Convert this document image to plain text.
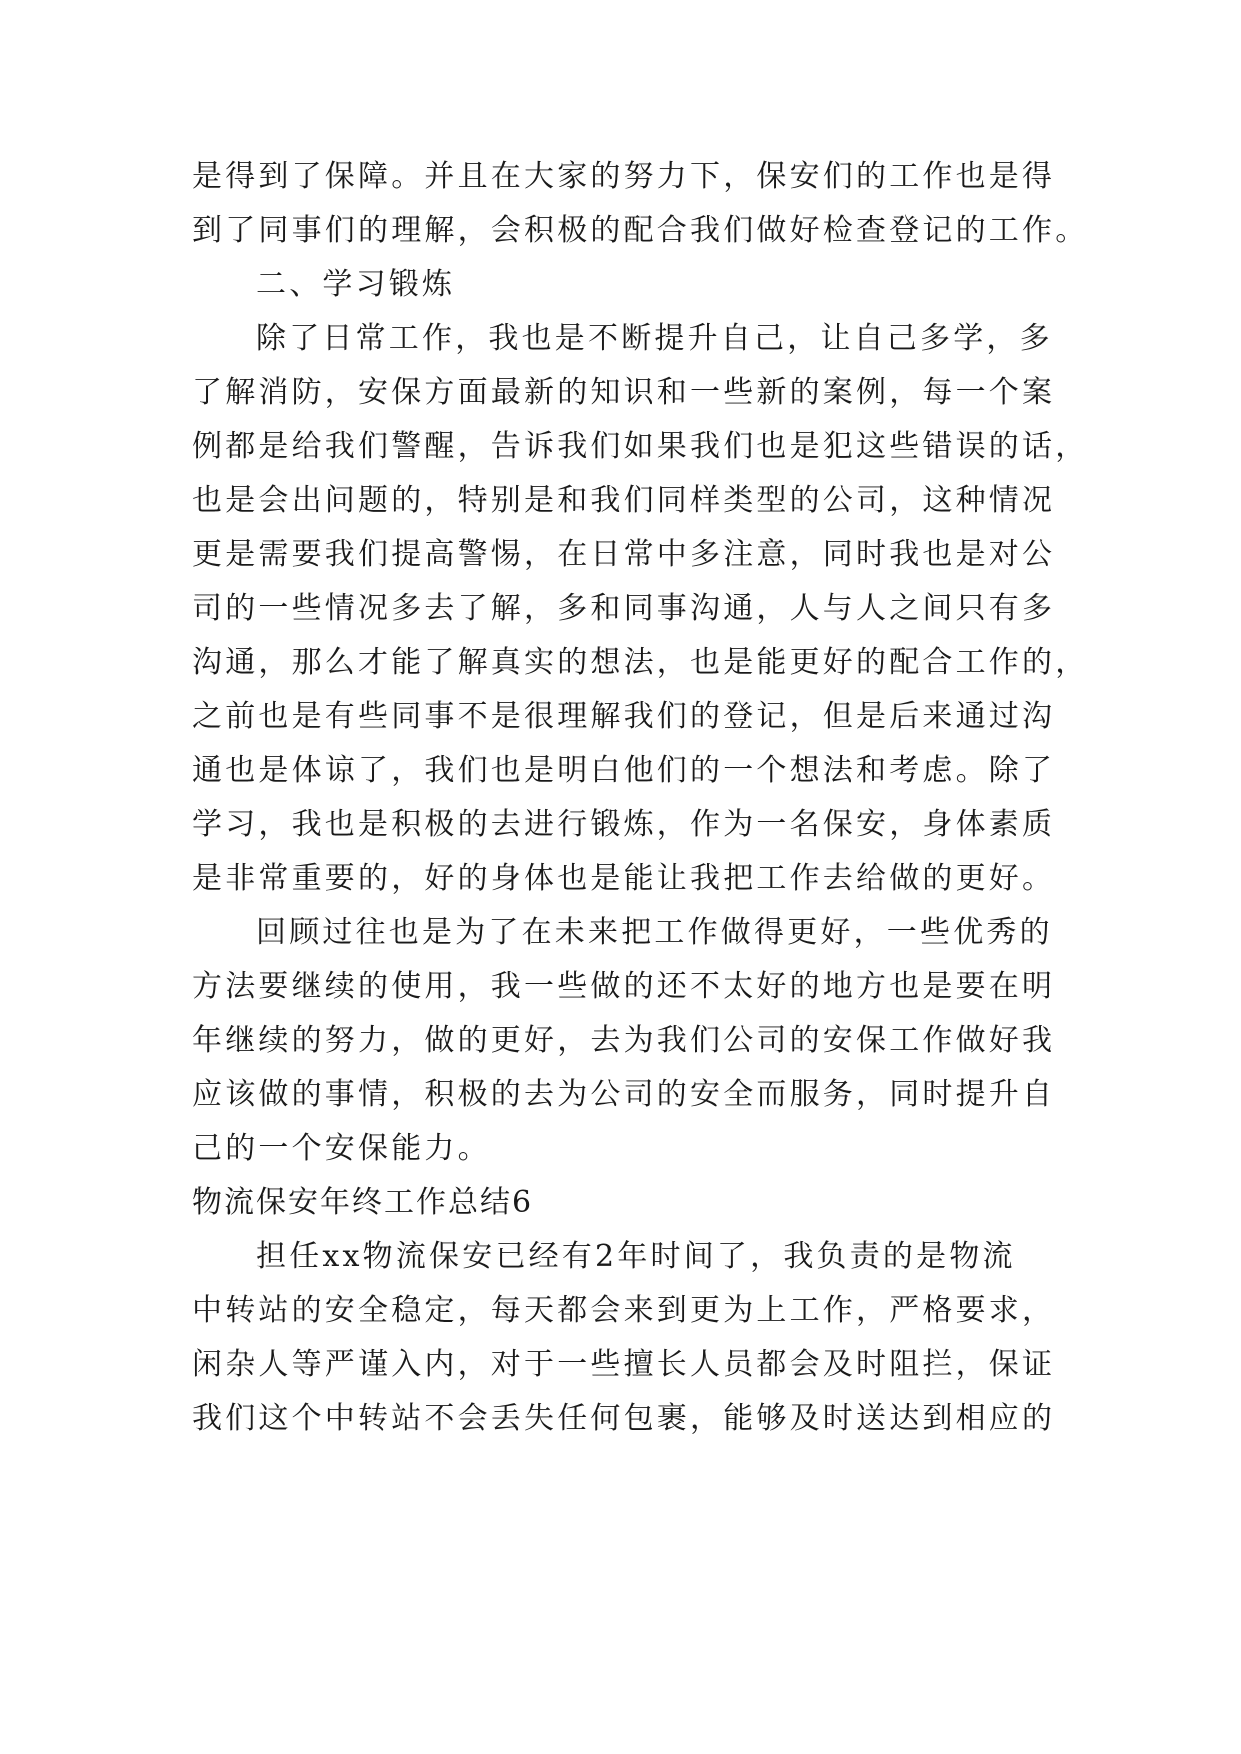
是得到了保障。并且在大家的努力下，保安们的工作也是得
到了同事们的理解，会积极的配合我们做好检查登记的工作。
二、学习锻炼
除了日常工作，我也是不断提升自己，让自己多学，多
了解消防，安保方面最新的知识和一些新的案例，每一个案
例都是给我们警醒，告诉我们如果我们也是犯这些错误的话，
也是会出问题的，特别是和我们同样类型的公司，这种情况
更是需要我们提高警惕，在日常中多注意，同时我也是对公
司的一些情况多去了解，多和同事沟通，人与人之间只有多
沟通，那么才能了解真实的想法，也是能更好的配合工作的，
之前也是有些同事不是很理解我们的登记，但是后来通过沟
通也是体谅了，我们也是明白他们的一个想法和考虑。除了
学习，我也是积极的去进行锻炼，作为一名保安，身体素质
是非常重要的，好的身体也是能让我把工作去给做的更好。
回顾过往也是为了在未来把工作做得更好，一些优秀的
方法要继续的使用，我一些做的还不太好的地方也是要在明
年继续的努力，做的更好，去为我们公司的安保工作做好我
应该做的事情，积极的去为公司的安全而服务，同时提升自
己的一个安保能力。
物流保安年终工作总结6
担任xx物流保安已经有2年时间了，我负责的是物流
中转站的安全稳定，每天都会来到更为上工作，严格要求，
闲杂人等严谨入内，对于一些擅长人员都会及时阻拦，保证
我们这个中转站不会丢失任何包裹，能够及时送达到相应的
